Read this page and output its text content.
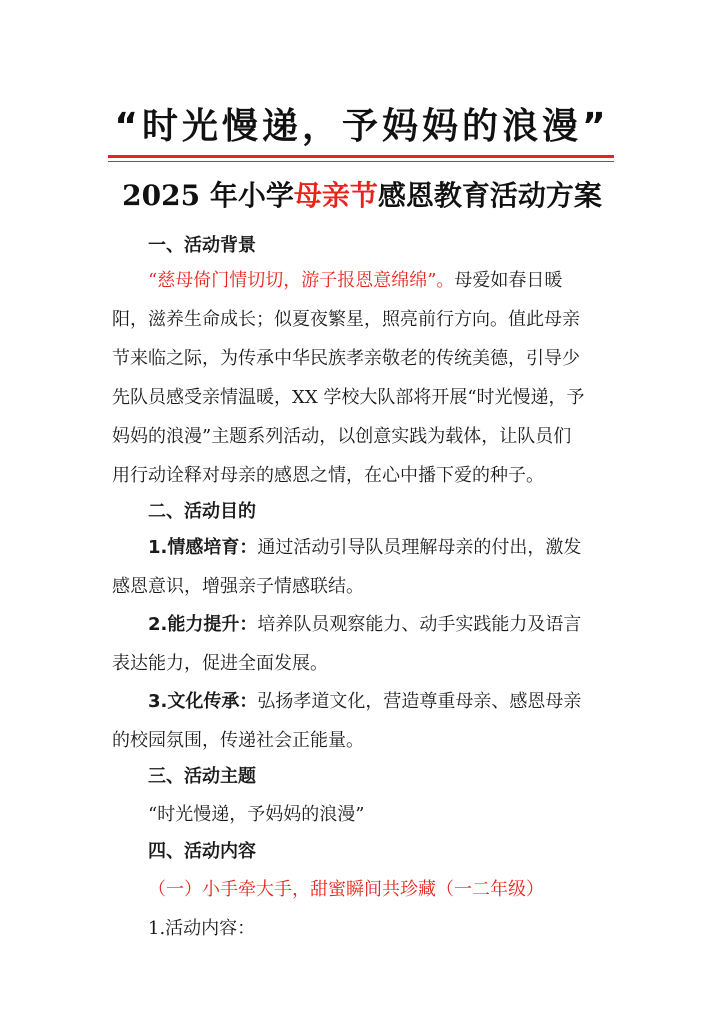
“时光慢递，予妈妈的浪漫”
2025 年小学母亲节感恩教育活动方案
一、活动背景
“慈母倚门情切切，游子报恩意绵绵”。母爱如春日暖
阳，滋养生命成长；似夏夜繁星，照亮前行方向。值此母亲
节来临之际，为传承中华民族孝亲敬老的传统美德，引导少
先队员感受亲情温暖，XX 学校大队部将开展“时光慢递，予
妈妈的浪漫”主题系列活动，以创意实践为载体，让队员们
用行动诠释对母亲的感恩之情，在心中播下爱的种子。
二、活动目的
1.情感培育：通过活动引导队员理解母亲的付出，激发
感恩意识，增强亲子情感联结。
2.能力提升：培养队员观察能力、动手实践能力及语言
表达能力，促进全面发展。
3.文化传承：弘扬孝道文化，营造尊重母亲、感恩母亲
的校园氛围，传递社会正能量。
三、活动主题
“时光慢递，予妈妈的浪漫”
四、活动内容
（一）小手牵大手，甜蜜瞬间共珍藏（一二年级）
1.活动内容：
